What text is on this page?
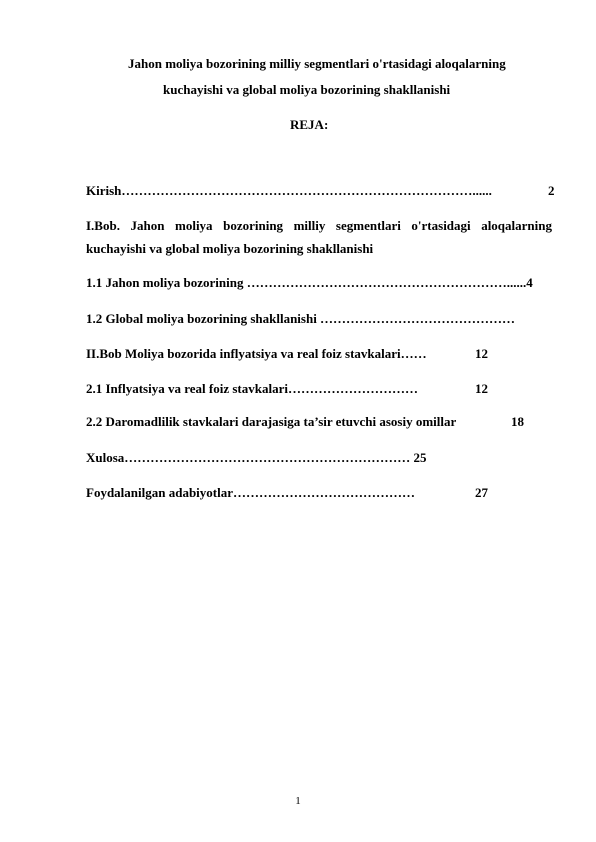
Jahon moliya bozorining milliy segmentlari o'rtasidagi aloqalarning
kuchayishi va global moliya bozorining shakllanishi
REJA:
Kirish………………………………………………………………………......	2
I.Bob. Jahon moliya bozorining milliy segmentlari o'rtasidagi aloqalarning
kuchayishi va global moliya bozorining shakllanishi
1.1 Jahon moliya bozorining ……………………………………………………......4
1.2 Global moliya bozorining shakllanishi ………………………………………
II.Bob Moliya bozorida inflyatsiya va real foiz stavkalari……	12
2.1 Inflyatsiya va real foiz stavkalari…………………………	12
2.2 Daromadlilik stavkalari darajasiga ta’sir etuvchi asosiy omillar	18
Xulosa………………………………………………………… 25
Foydalanilgan adabiyotlar……………………………………	27
1
